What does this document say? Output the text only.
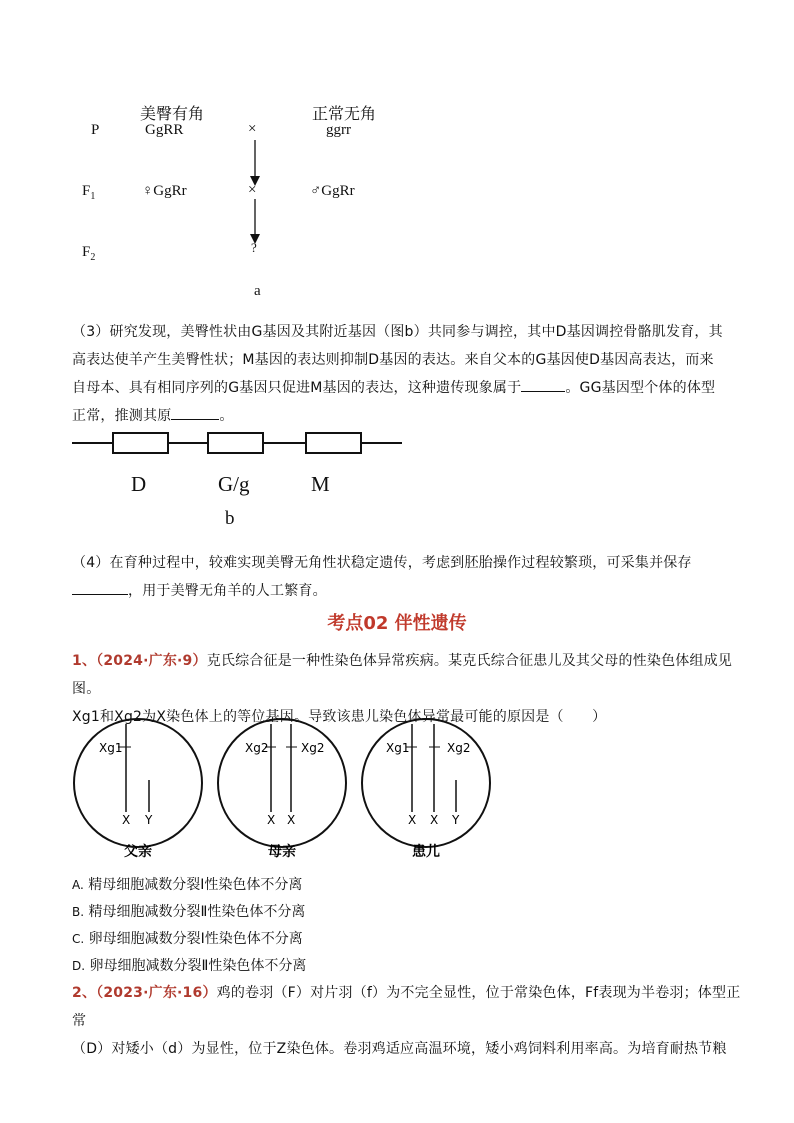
美臀有角	正常无角
P	GgRR	×	ggrr
$F_1$	♀GgRr	×	♂GgRr
$F_2$
?
a
（3）研究发现，美臀性状由G基因及其附近基因（图b）共同参与调控，其中D基因调控骨骼肌发育，其
高表达使羊产生美臀性状；M基因的表达则抑制D基因的表达。来自父本的G基因使D基因高表达，而来
自母本、具有相同序列的G基因只促进M基因的表达，这种遗传现象属于	。GG基因型个体的体型
正常，推测其原	。
D	G/g	M
b
（4）在育种过程中，较难实现美臀无角性状稳定遗传，考虑到胚胎操作过程较繁琐，可采集并保存
，用于美臀无角羊的人工繁育。
考点02 伴性遗传
1、（2024·广东·9）克氏综合征是一种性染色体异常疾病。某克氏综合征患儿及其父母的性染色体组成见图。
Xg1和Xg2为X染色体上的等位基因。导致该患儿染色体异常最可能的原因是（　　）
Xg1
X Y
Xg2	Xg2
X X
Xg1	Xg2
X X Y
父亲	母亲	患儿
A. 精母细胞减数分裂Ⅰ性染色体不分离
B. 精母细胞减数分裂Ⅱ性染色体不分离
C. 卵母细胞减数分裂Ⅰ性染色体不分离
D. 卵母细胞减数分裂Ⅱ性染色体不分离
2、（2023·广东·16）鸡的卷羽（F）对片羽（f）为不完全显性，位于常染色体，Ff表现为半卷羽；体型正常
（D）对矮小（d）为显性，位于Z染色体。卷羽鸡适应高温环境，矮小鸡饲料利用率高。为培育耐热节粮
